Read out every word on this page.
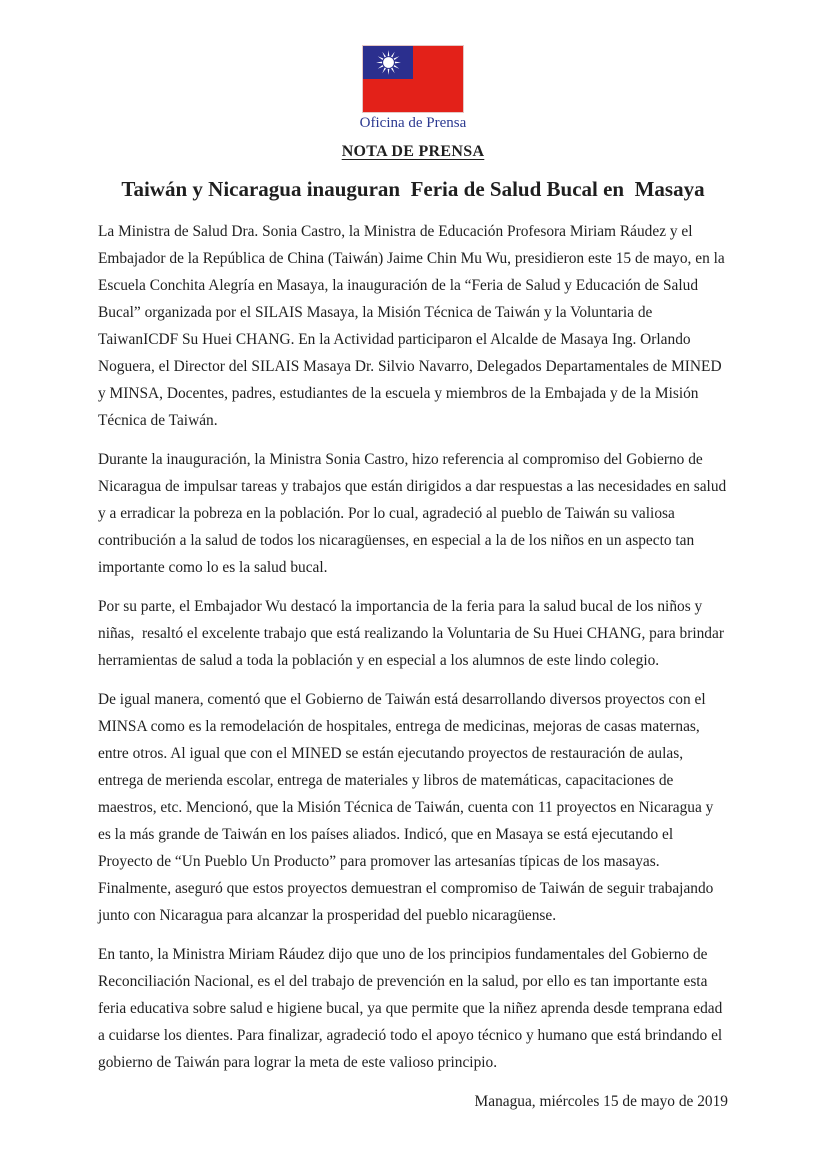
Oficina de Prensa
NOTA DE PRENSA
Taiwán y Nicaragua inauguran  Feria de Salud Bucal en  Masaya

La Ministra de Salud Dra. Sonia Castro, la Ministra de Educación Profesora Miriam Ráudez y el Embajador de la República de China (Taiwán) Jaime Chin Mu Wu, presidieron este 15 de mayo, en la Escuela Conchita Alegría en Masaya, la inauguración de la “Feria de Salud y Educación de Salud Bucal” organizada por el SILAIS Masaya, la Misión Técnica de Taiwán y la Voluntaria de TaiwanICDF Su Huei CHANG. En la Actividad participaron el Alcalde de Masaya Ing. Orlando Noguera, el Director del SILAIS Masaya Dr. Silvio Navarro, Delegados Departamentales de MINED y MINSA, Docentes, padres, estudiantes de la escuela y miembros de la Embajada y de la Misión Técnica de Taiwán.

Durante la inauguración, la Ministra Sonia Castro, hizo referencia al compromiso del Gobierno de Nicaragua de impulsar tareas y trabajos que están dirigidos a dar respuestas a las necesidades en salud y a erradicar la pobreza en la población. Por lo cual, agradeció al pueblo de Taiwán su valiosa contribución a la salud de todos los nicaragüenses, en especial a la de los niños en un aspecto tan importante como lo es la salud bucal.

Por su parte, el Embajador Wu destacó la importancia de la feria para la salud bucal de los niños y niñas,  resaltó el excelente trabajo que está realizando la Voluntaria de Su Huei CHANG, para brindar herramientas de salud a toda la población y en especial a los alumnos de este lindo colegio.

De igual manera, comentó que el Gobierno de Taiwán está desarrollando diversos proyectos con el MINSA como es la remodelación de hospitales, entrega de medicinas, mejoras de casas maternas, entre otros. Al igual que con el MINED se están ejecutando proyectos de restauración de aulas, entrega de merienda escolar, entrega de materiales y libros de matemáticas, capacitaciones de maestros, etc. Mencionó, que la Misión Técnica de Taiwán, cuenta con 11 proyectos en Nicaragua y es la más grande de Taiwán en los países aliados. Indicó, que en Masaya se está ejecutando el Proyecto de “Un Pueblo Un Producto” para promover las artesanías típicas de los masayas. Finalmente, aseguró que estos proyectos demuestran el compromiso de Taiwán de seguir trabajando junto con Nicaragua para alcanzar la prosperidad del pueblo nicaragüense.

En tanto, la Ministra Miriam Ráudez dijo que uno de los principios fundamentales del Gobierno de Reconciliación Nacional, es el del trabajo de prevención en la salud, por ello es tan importante esta feria educativa sobre salud e higiene bucal, ya que permite que la niñez aprenda desde temprana edad a cuidarse los dientes. Para finalizar, agradeció todo el apoyo técnico y humano que está brindando el gobierno de Taiwán para lograr la meta de este valioso principio.

Managua, miércoles 15 de mayo de 2019
